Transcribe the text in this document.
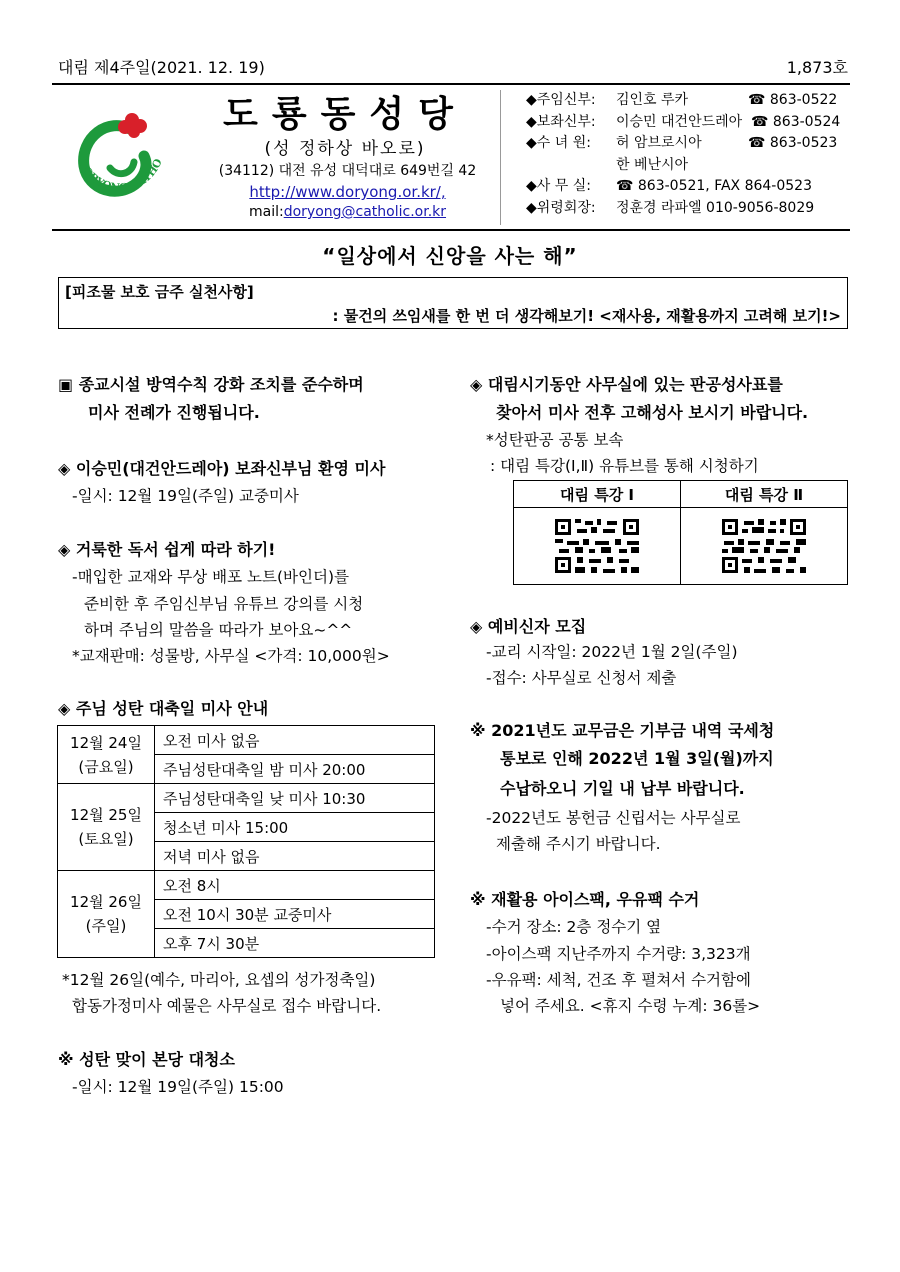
대림 제4주일(2021. 12. 19)	1,873호
DORYONG CATHO
도룡동성당
(성 정하상 바오로)
(34112) 대전 유성 대덕대로 649번길 42
http://www.doryong.or.kr/,
mail:doryong@catholic.or.kr
◆주임신부: 김인호 루카	☎ 863-0522
◆보좌신부: 이승민 대건안드레아 ☎ 863-0524
◆수 녀 원: 허 암브로시아	☎ 863-0523
한 베난시아
◆사 무 실: ☎ 863-0521, FAX 864-0523
◆위령회장: 정훈경 라파엘 010-9056-8029
“일상에서 신앙을 사는 해”
[피조물 보호 금주 실천사항]
: 물건의 쓰임새를 한 번 더 생각해보기! <재사용, 재활용까지 고려해 보기!>
▣ 종교시설 방역수칙 강화 조치를 준수하며
미사 전례가 진행됩니다.
◈ 이승민(대건안드레아) 보좌신부님 환영 미사
-일시: 12월 19일(주일) 교중미사
◈ 거룩한 독서 쉽게 따라 하기!
-매입한 교재와 무상 배포 노트(바인더)를
준비한 후 주임신부님 유튜브 강의를 시청
하며 주님의 말씀을 따라가 보아요~^^
*교재판매: 성물방, 사무실 <가격: 10,000원>
◈ 주님 성탄 대축일 미사 안내
12월 24일
(금요일)	오전 미사 없음
	주님성탄대축일 밤 미사 20:00

12월 25일
(토요일)	주님성탄대축일 낮 미사 10:30
	청소년 미사 15:00
	저녁 미사 없음

12월 26일
(주일)	오전 8시
	오전 10시 30분 교중미사
	오후 7시 30분
*12월 26일(예수, 마리아, 요셉의 성가정축일)
합동가정미사 예물은 사무실로 접수 바랍니다.
※ 성탄 맞이 본당 대청소
-일시: 12월 19일(주일) 15:00
◈ 대림시기동안 사무실에 있는 판공성사표를
찾아서 미사 전후 고해성사 보시기 바랍니다.
*성탄판공 공통 보속
: 대림 특강(Ⅰ,Ⅱ) 유튜브를 통해 시청하기
대림 특강 Ⅰ	대림 특강 Ⅱ

◈ 예비신자 모집
-교리 시작일: 2022년 1월 2일(주일)
-접수: 사무실로 신청서 제출
※ 2021년도 교무금은 기부금 내역 국세청
통보로 인해 2022년 1월 3일(월)까지
수납하오니 기일 내 납부 바랍니다.
-2022년도 봉헌금 신립서는 사무실로
제출해 주시기 바랍니다.
※ 재활용 아이스팩, 우유팩 수거
-수거 장소: 2층 정수기 옆
-아이스팩 지난주까지 수거량: 3,323개
-우유팩: 세척, 건조 후 펼쳐서 수거함에
넣어 주세요. <휴지 수령 누계: 36롤>
